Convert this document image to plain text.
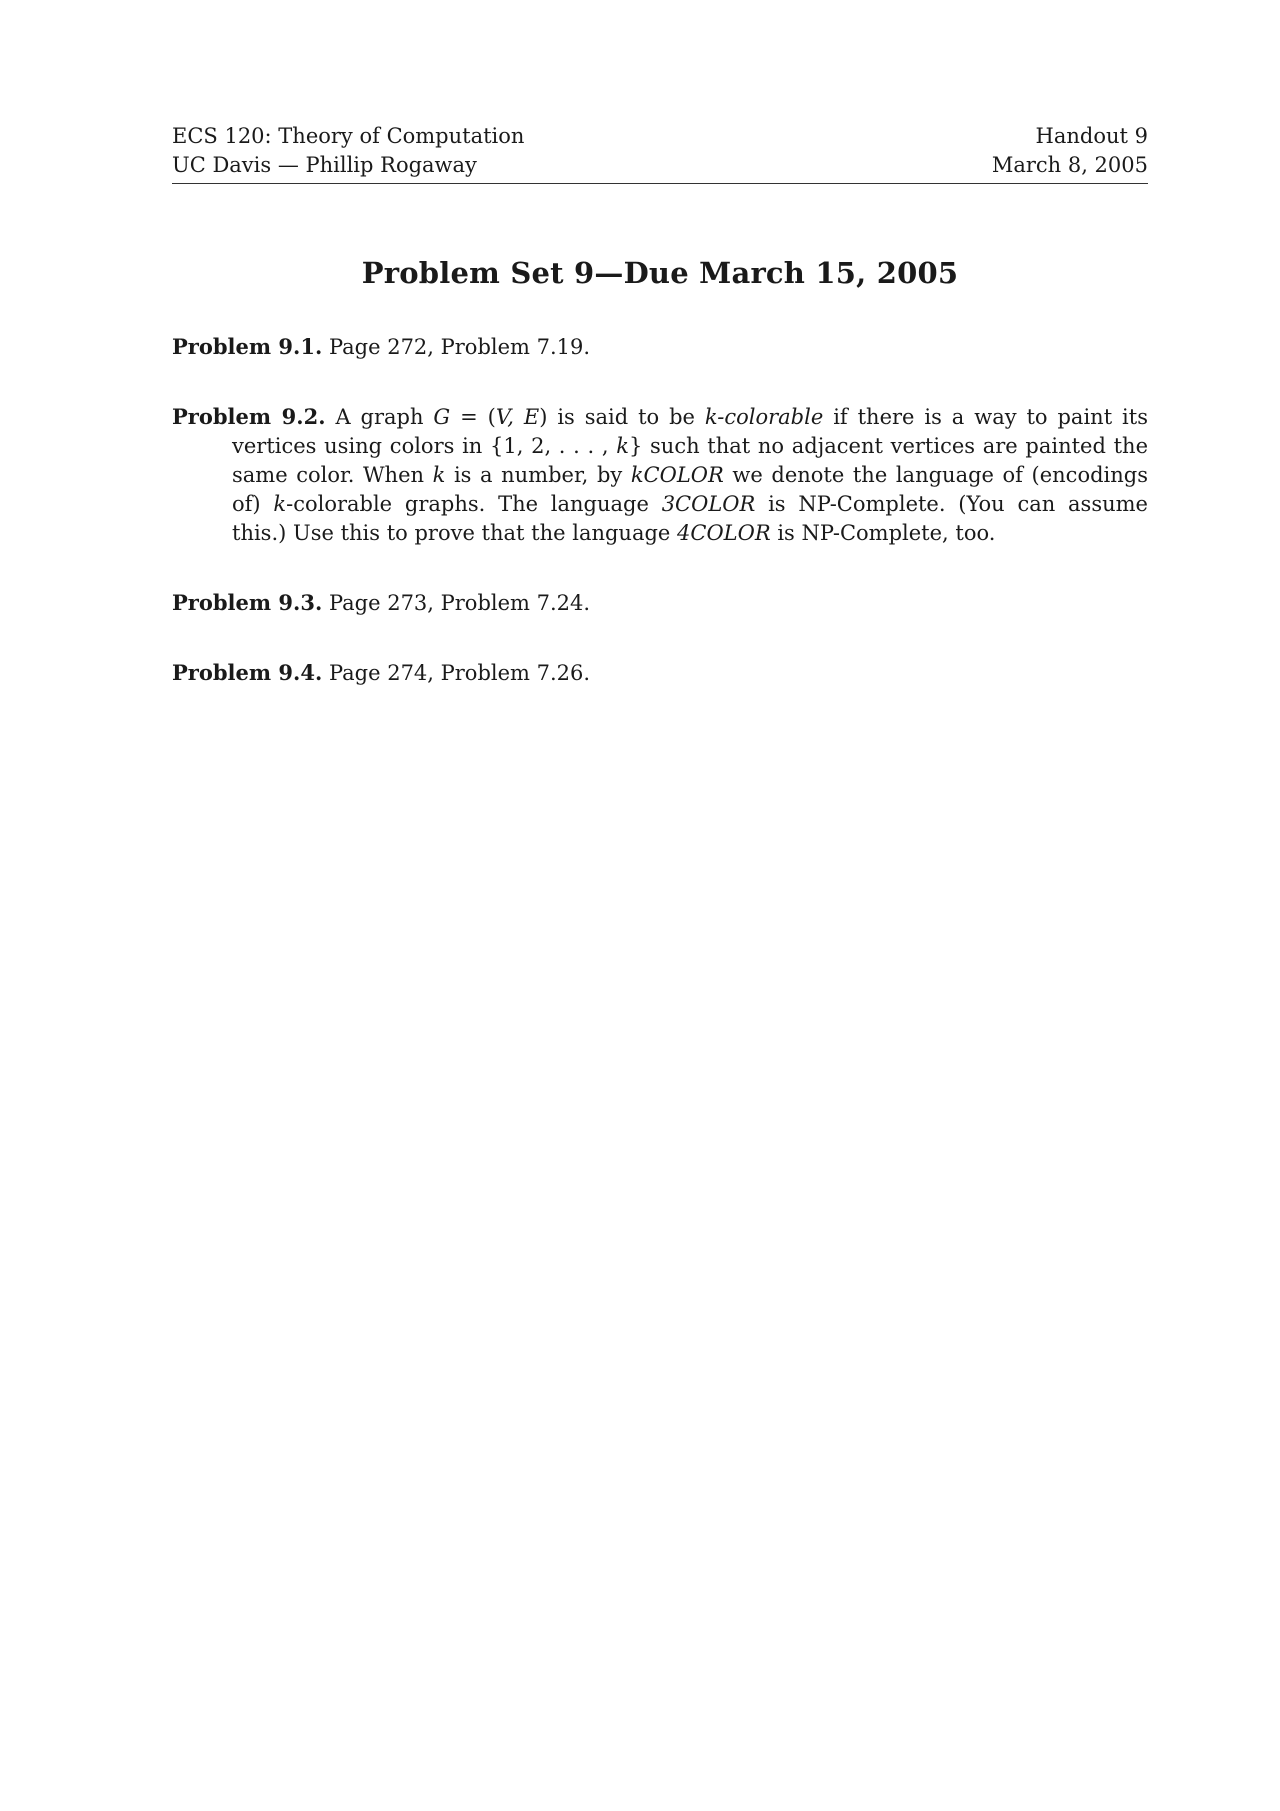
ECS 120: Theory of Computation
UC Davis — Phillip Rogaway
Handout 9
March 8, 2005
Problem Set 9—Due March 15, 2005
Problem 9.1. Page 272, Problem 7.19.
Problem 9.2. A graph G = (V, E) is said to be k-colorable if there is a way to paint its vertices using colors in {1, 2, . . . , k} such that no adjacent vertices are painted the same color. When k is a number, by kCOLOR we denote the language of (encodings of) k-colorable graphs. The language 3COLOR is NP-Complete. (You can assume this.) Use this to prove that the language 4COLOR is NP-Complete, too.
Problem 9.3. Page 273, Problem 7.24.
Problem 9.4. Page 274, Problem 7.26.
